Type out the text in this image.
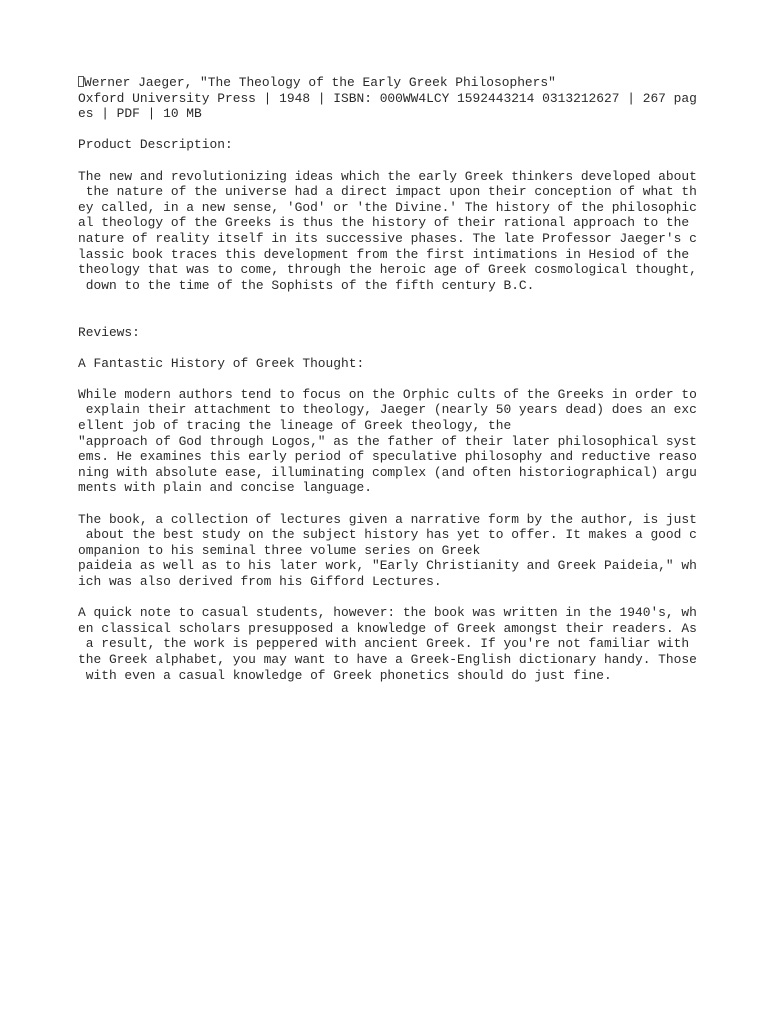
Werner Jaeger, "The Theology of the Early Greek Philosophers"
Oxford University Press | 1948 | ISBN: 000WW4LCY 1592443214 0313212627 | 267 pag
es | PDF | 10 MB
Product Description:
The new and revolutionizing ideas which the early Greek thinkers developed about
the nature of the universe had a direct impact upon their conception of what th
ey called, in a new sense, 'God' or 'the Divine.' The history of the philosophic
al theology of the Greeks is thus the history of their rational approach to the
nature of reality itself in its successive phases. The late Professor Jaeger's c
lassic book traces this development from the first intimations in Hesiod of the
theology that was to come, through the heroic age of Greek cosmological thought,
down to the time of the Sophists of the fifth century B.C.
Reviews:
A Fantastic History of Greek Thought:
While modern authors tend to focus on the Orphic cults of the Greeks in order to
explain their attachment to theology, Jaeger (nearly 50 years dead) does an exc
ellent job of tracing the lineage of Greek theology, the
"approach of God through Logos," as the father of their later philosophical syst
ems. He examines this early period of speculative philosophy and reductive reaso
ning with absolute ease, illuminating complex (and often historiographical) argu
ments with plain and concise language.
The book, a collection of lectures given a narrative form by the author, is just
about the best study on the subject history has yet to offer. It makes a good c
ompanion to his seminal three volume series on Greek
paideia as well as to his later work, "Early Christianity and Greek Paideia," wh
ich was also derived from his Gifford Lectures.
A quick note to casual students, however: the book was written in the 1940's, wh
en classical scholars presupposed a knowledge of Greek amongst their readers. As
a result, the work is peppered with ancient Greek. If you're not familiar with
the Greek alphabet, you may want to have a Greek-English dictionary handy. Those
with even a casual knowledge of Greek phonetics should do just fine.
